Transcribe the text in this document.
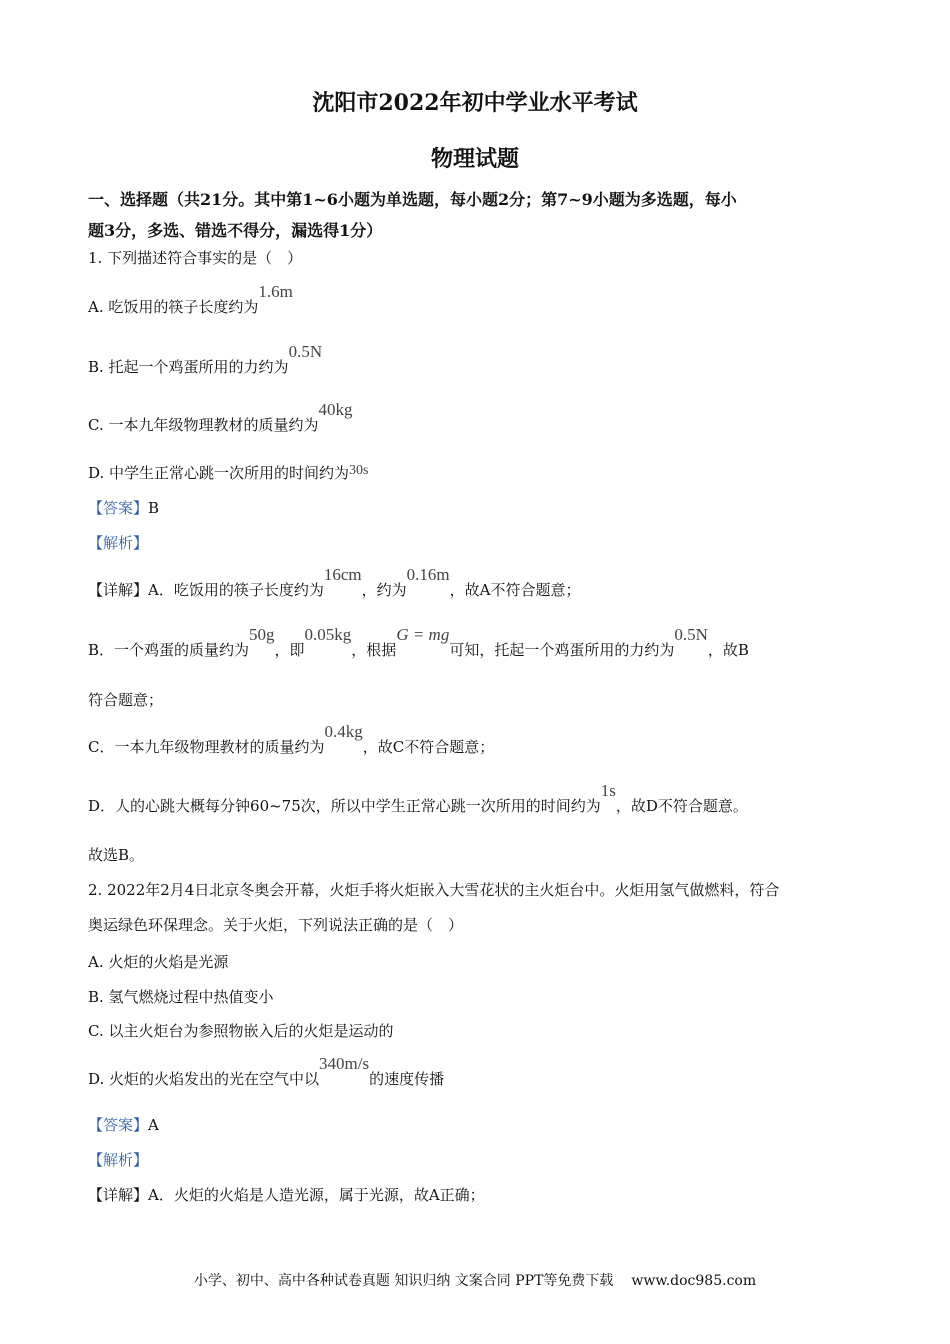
沈阳市2022年初中学业水平考试
物理试题
一、选择题（共21分。其中第1~6小题为单选题，每小题2分；第7~9小题为多选题，每小
题3分，多选、错选不得分，漏选得1分）
1. 下列描述符合事实的是（　）
A. 吃饭用的筷子长度约为1.6m
B. 托起一个鸡蛋所用的力约为0.5N
C. 一本九年级物理教材的质量约为40kg
D. 中学生正常心跳一次所用的时间约为30s
【答案】B
【解析】
【详解】A．吃饭用的筷子长度约为16cm，约为0.16m，故A不符合题意；
B．一个鸡蛋的质量约为50g，即0.05kg，根据G = mg可知，托起一个鸡蛋所用的力约为0.5N，故B
符合题意；
C．一本九年级物理教材的质量约为0.4kg，故C不符合题意；
D．人的心跳大概每分钟60~75次，所以中学生正常心跳一次所用的时间约为1s，故D不符合题意。
故选B。
2. 2022年2月4日北京冬奥会开幕，火炬手将火炬嵌入大雪花状的主火炬台中。火炬用氢气做燃料，符合
奥运绿色环保理念。关于火炬，下列说法正确的是（　）
A. 火炬的火焰是光源
B. 氢气燃烧过程中热值变小
C. 以主火炬台为参照物嵌入后的火炬是运动的
D. 火炬的火焰发出的光在空气中以340m/s的速度传播
【答案】A
【解析】
【详解】A．火炬的火焰是人造光源，属于光源，故A正确；
小学、初中、高中各种试卷真题 知识归纳 文案合同 PPT等免费下载 www.doc985.com
